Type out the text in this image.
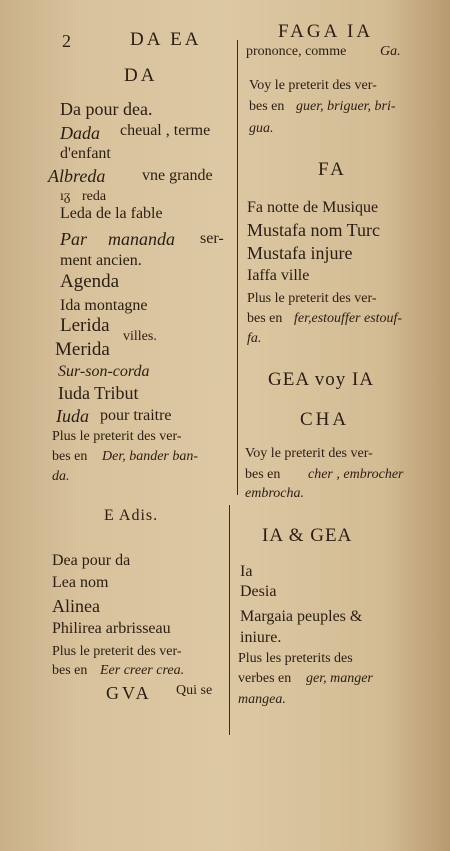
2	DA EA	FAGA IA
DA
Da pour dea.
Dada cheual , terme
d'enfant
Albreda vne grande
ıᵹ reda
Leda de la fable
Par mananda ser-
ment ancien.
Agenda
Ida montagne
Lerida
villes.
Merida
Sur-son-corda
Iuda Tribut
Iuda pour traitre
Plus le preterit des ver-
bes en Der, bander ban-
da.
E Adis.
Dea pour da
Lea nom
Alinea
Philirea arbrisseau
Plus le preterit des ver-
bes en Eer creer crea.
GVA Qui se
prononce, comme Ga.
Voy le preterit des ver-
bes en guer, briguer, bri-
gua.
FA
Fa notte de Musique
Mustafa nom Turc
Mustafa injure
Iaffa ville
Plus le preterit des ver-
bes en fer,estouffer estouf-
fa.
GEA voy IA
CHA
Voy le preterit des ver-
bes en cher , embrocher
embrocha.
IA & GEA
Ia
Desia
Margaia peuples &
iniure.
Plus les preterits des
verbes en ger, manger
mangea.
